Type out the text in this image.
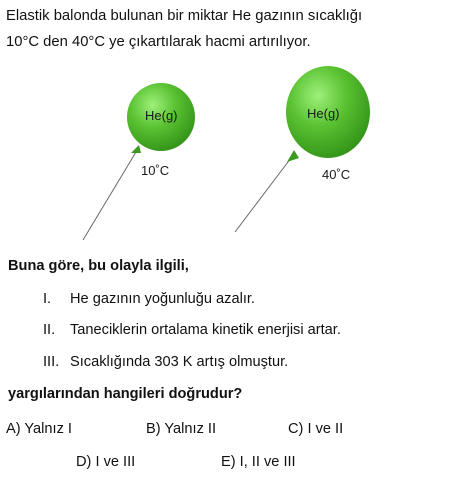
Elastik balonda bulunan bir miktar He gazının sıcaklığı
10°C den 40°C ye çıkartılarak hacmi artırılıyor.
He(g)
10˚C
He(g)
40˚C
Buna göre, bu olayla ilgili,
I. He gazının yoğunluğu azalır.
II. Taneciklerin ortalama kinetik enerjisi artar.
III. Sıcaklığında 303 K artış olmuştur.
yargılarından hangileri doğrudur?
A) Yalnız I	B) Yalnız II	C) I ve II
D) I ve III	E) I, II ve III
